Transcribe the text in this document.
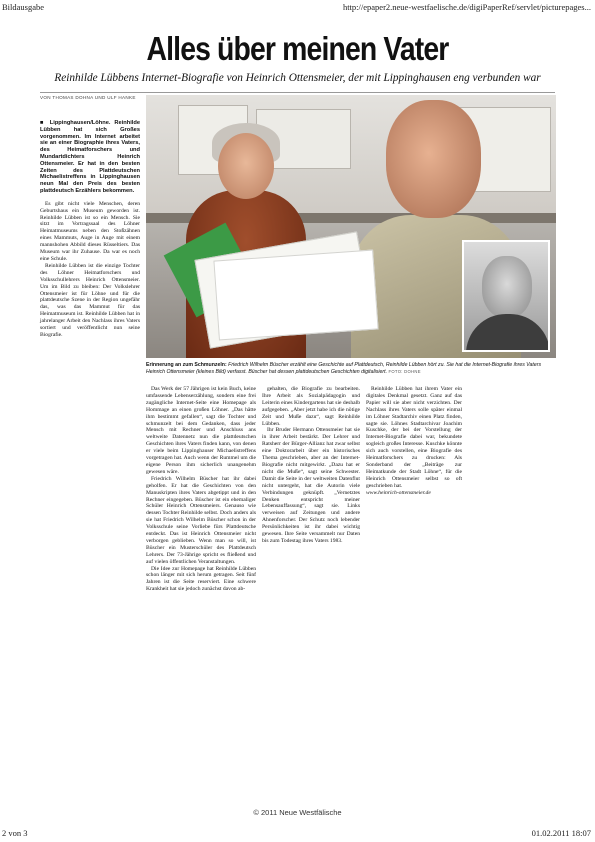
Bildausgabe	http://epaper2.neue-westfaelische.de/digiPaperRef/servlet/picturepages...
Alles über meinen Vater
Reinhilde Lübbens Internet-Biografie von Heinrich Ottensmeier, der mit Lippinghausen eng verbunden war
VON THOMAS DOHNA UND ULF HANKE

■ Lippinghausen/Löhne. Reinhilde Lübben hat sich Großes vorgenommen. Im Internet arbeitet sie an einer Biographie ihres Vaters, des Heimatforschers und Mundartdichters Heinrich Ottensmeier. Er hat in den besten Zeiten des Plattdeutschen Michaelistreffens in Lippinghausen neun Mal den Preis des besten plattdeutsch Erzählers bekommen.

Es gibt nicht viele Menschen, deren Geburtshaus ein Museum geworden ist. Reinhilde Lübben ist so ein Mensch. Sie sitzt im Vortragssaal des Löhner Heimatmuseums neben den Stoßzähnen eines Mammuts, Auge in Auge mit einem mannshohen Abbild dieses Rüsseltiers. Das Museum war ihr Zuhause. Da war es noch eine Schule.

Reinhilde Lübben ist die einzige Tochter des Löhner Heimatforschers und Volksschullehrers Heinrich Ottensmeier. Um im Bild zu bleiben: Der Volkslehrer Ottensmeier ist für Löhne und für die plattdeutsche Szene in der Region ungefähr das, was das Mammut für das Heimatmuseum ist. Reinhilde Lübben hat in jahrelanger Arbeit den Nachlass ihres Vaters sortiert und veröffentlicht nun seine Biografie.

Erinnerung an zum Schmunzeln: Friedrich Wilhelm Büscher erzählt eine Geschichte auf Plattdeutsch, Reinhilde Lübben hört zu. Sie hat die Internet-Biografie ihres Vaters Heinrich Ottensmeier (kleines Bild) verfasst. Büscher hat dessen plattdeutschen Geschichten digitalisiert. FOTO: DOHNE

Das Werk der 57 Jährigen ist kein Buch, keine umfassende Lebenserzählung, sondern eine frei zugängliche Internet-Seite eine Homepage als Hommage an einen großen Löhner. „Das hätte ihm bestimmt gefallen“, sagt die Tochter und schmunzelt bei dem Gedanken, dass jeder Mensch mit Rechner und Anschluss ans weltweite Datennetz nun die plattdeutschen Geschichten ihres Vaters finden kann, von denen er viele beim Lippinghauser Michaelistreffens vorgetragen hat. Auch wenn der Rummel um die eigene Person ihm sicherlich unangenehm gewesen wäre.

Friedrich Wilhelm Büscher hat ihr dabei geholfen. Er hat die Geschichten von den Manuskripten ihres Vaters abgetippt und in den Rechner eingegeben. Büscher ist ein ehemaliger Schüler Heinrich Ottensmeiers. Genauso wie dessen Tochter Reinhilde selbst. Doch anders als sie hat Friedrich Wilhelm Büscher schon in der Volksschule seine Vorliebe fürs Plattdeutsche entdeckt. Das ist Heinrich Ottensmeier nicht verborgen geblieben. Wenn man so will, ist Büscher ein Musterschüler des Plattdeutsch Lehrers. Der 73-Jährige spricht es fließend und auf vielen öffentlichen Veranstaltungen.

Die Idee zur Homepage hat Reinhilde Lübben schon länger mit sich herum getragen. Seit fünf Jahren ist die Seite reserviert. Eine schwere Krankheit hat sie jedoch zunächst davon ab-

gehalten, die Biografie zu bearbeiten. Ihre Arbeit als Sozialpädagogin und Leiterin eines Kindergartens hat sie deshalb aufgegeben. „Aber jetzt habe ich die nötige Zeit und Muße dazu“, sagt Reinhilde Lübben.

Ihr Bruder Hermann Ottensmeier hat sie in ihrer Arbeit bestärkt. Der Lehrer und Ratsherr der Bürger-Allianz hat zwar selbst eine Doktorarbeit über ein historisches Thema geschrieben, aber an der Internet-Biografie nicht mitgewirkt. „Dazu hat er nicht die Muße“, sagt seine Schwester. Damit die Seite in der weltweiten Datenflut nicht untergeht, hat die Autorin viele Verbindungen geknüpft. „Vernetztes Denken entspricht meiner Lebensauffassung“, sagt sie. Links verweisen auf Zeitungen und andere Ahnenforscher. Der Schutz noch lebender Persönlichkeiten ist ihr dabei wichtig gewesen. Ihre Seite versammelt nur Daten bis zum Todestag ihres Vaters 1983.

Reinhilde Lübben hat ihrem Vater ein digitales Denkmal gesetzt. Ganz auf das Papier will sie aber nicht verzichten. Der Nachlass ihres Vaters solle später einmal im Löhner Stadtarchiv einen Platz finden, sagte sie. Löhnes Stadtarchivar Joachim Kuschke, der bei der Vorstellung der Internet-Biografie dabei war, bekundete sogleich großes Interesse. Kuschke könnte sich auch vorstellen, eine Biografie des Heimatforschers zu drucken: Als Sonderband der „Beiträge zur Heimatkunde der Stadt Löhne“, für die Heinrich Ottensmeier selbst so oft geschrieben hat.

www.heinrich-ottensmeier.de

© 2011 Neue Westfälische
2 von 3	01.02.2011 18:07
